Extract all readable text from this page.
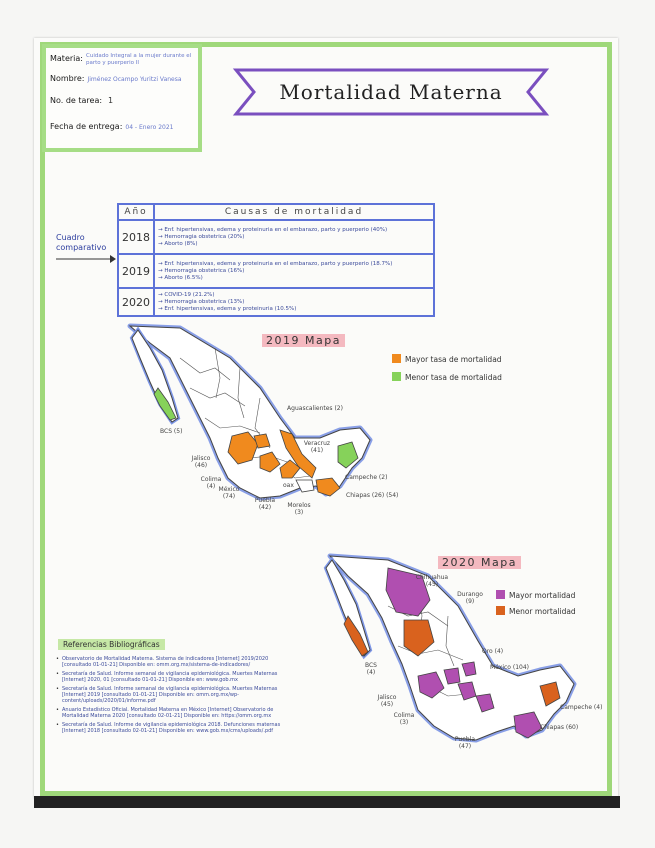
Materia: Cuidado Integral a la mujer durante el parto y puerperio II
Nombre: Jiménez Ocampo Yuritzi Vanesa
No. de tarea: 1
Fecha de entrega: 04 - Enero 2021
Mortalidad Materna
Cuadro
comparativo
Año	Causas de mortalidad
2018	→ Enf. hipertensivas, edema y proteinuria en el embarazo, parto y puerperio (40%)
→ Hemorragia obstetrica (20%)
→ Aborto (8%)

2019	→ Enf. hipertensivas, edema y proteinuria en el embarazo, parto y puerperio (18.7%)
→ Hemorragia obstetrica (16%)
→ Aborto (6.5%)

2020	→ COVID-19 (21.2%)
→ Hemorragia obstetrica (13%)
→ Enf. hipertensivas, edema y proteinuria (10.5%)
2019 Mapa
Mayor tasa de mortalidad
Menor tasa de mortalidad
BCS (5)
Aguascalientes (2)
Jalisco (46)
Veracruz (41)
Colima (4) México (74)
Campeche (2)
Puebla (42)
Chiapas (26) (54)
Morelos (3)
oax
2020 Mapa
Mayor mortalidad
Menor mortalidad
Chihuahua (45)
Durango (9)
BCS (4)
Qro (4)
México (104)
Jalisco (45)	Campeche (4)
Colima (3)
Chiapas (60)
Puebla (47)
Referencias Bibliográficas
• Observatorio de Mortalidad Materna. Sistema de indicadores [Internet] 2019/2020 [consultado 01-01-21] Disponible en: omm.org.mx/sistema-de-indicadores/
• Secretaría de Salud. Informe semanal de vigilancia epidemiológica. Muertes Maternas [Internet] 2020, 01 [consultado 01-01-21] Disponible en: www.gob.mx
• Secretaría de Salud. Informe semanal de vigilancia epidemiológica. Muertes Maternas [Internet] 2019 [consultado 01-01-21] Disponible en: omm.org.mx/wp-content/uploads/2020/01/informe.pdf
• Anuario Estadístico Oficial. Mortalidad Materna en México [Internet] Observatorio de Mortalidad Materna 2020 [consultado 02-01-21] Disponible en: https://omm.org.mx
• Secretaría de Salud. Informe de vigilancia epidemiológica 2018. Defunciones maternas [Internet] 2018 [consultado 02-01-21] Disponible en: www.gob.mx/cms/uploads/.pdf
